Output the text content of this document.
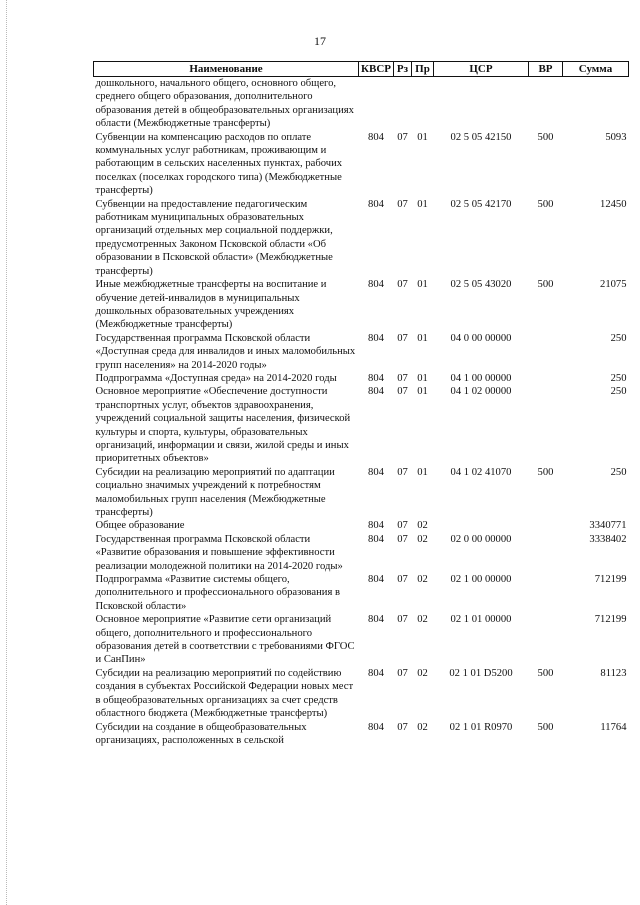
17
Наименование	КВСР	Рз	Пр	ЦСР	ВР	Сумма
дошкольного, начального общего, основного общего, среднего общего образования, дополнительного образования детей в общеобразовательных организациях области (Межбюджетные трансферты)						
Субвенции на компенсацию расходов по оплате коммунальных услуг работникам, проживающим и работающим в сельских населенных пунктах, рабочих поселках (поселках городского типа) (Межбюджетные трансферты)	804	07	01	02 5 05 42150	500	5093
Субвенции на предоставление педагогическим работникам муниципальных образовательных организаций отдельных мер социальной поддержки, предусмотренных Законом Псковской области «Об образовании в Псковской области» (Межбюджетные трансферты)	804	07	01	02 5 05 42170	500	12450
Иные межбюджетные трансферты на воспитание и обучение детей-инвалидов в муниципальных дошкольных образовательных учреждениях (Межбюджетные трансферты)	804	07	01	02 5 05 43020	500	21075
Государственная программа Псковской области «Доступная среда для инвалидов и иных маломобильных групп населения» на 2014-2020 годы»	804	07	01	04 0 00 00000		250
Подпрограмма «Доступная среда» на 2014-2020 годы	804	07	01	04 1 00 00000		250
Основное мероприятие «Обеспечение доступности транспортных услуг, объектов здравоохранения, учреждений социальной защиты населения, физической культуры и спорта, культуры, образовательных организаций, информации и связи, жилой среды и иных приоритетных объектов»	804	07	01	04 1 02 00000		250
Субсидии на реализацию мероприятий по адаптации социально значимых учреждений к потребностям маломобильных групп населения (Межбюджетные трансферты)	804	07	01	04 1 02 41070	500	250
Общее образование	804	07	02			3340771
Государственная программа Псковской области «Развитие образования и повышение эффективности реализации молодежной политики на 2014-2020 годы»	804	07	02	02 0 00 00000		3338402
Подпрограмма «Развитие системы общего, дополнительного и профессионального образования в Псковской области»	804	07	02	02 1 00 00000		712199
Основное мероприятие «Развитие сети организаций общего, дополнительного и профессионального образования детей в соответствии с требованиями ФГОС и СанПин»	804	07	02	02 1 01 00000		712199
Субсидии на реализацию мероприятий по содействию создания в субъектах Российской Федерации новых мест в общеобразовательных организациях за счет средств областного бюджета (Межбюджетные трансферты)	804	07	02	02 1 01 D5200	500	81123
Субсидии на создание в общеобразовательных организациях, расположенных в сельской	804	07	02	02 1 01 R0970	500	11764
